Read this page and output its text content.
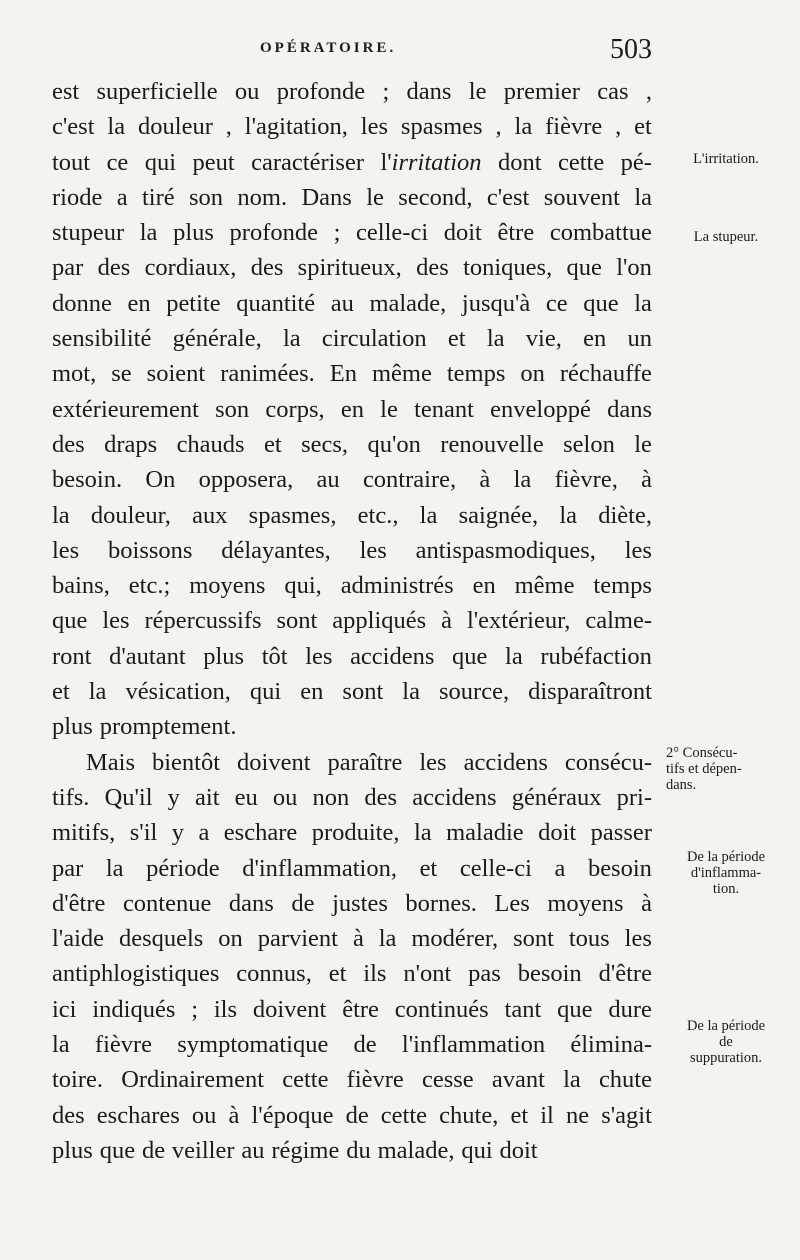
OPÉRATOIRE.	503
est superficielle ou profonde ; dans le premier cas ,
c'est la douleur , l'agitation, les spasmes , la fièvre , et
tout ce qui peut caractériser l'irritation dont cette pé-
riode a tiré son nom. Dans le second, c'est souvent la
stupeur la plus profonde ; celle-ci doit être combattue
par des cordiaux, des spiritueux, des toniques, que l'on
donne en petite quantité au malade, jusqu'à ce que la
sensibilité générale, la circulation et la vie, en un
mot, se soient ranimées. En même temps on réchauffe
extérieurement son corps, en le tenant enveloppé dans
des draps chauds et secs, qu'on renouvelle selon le
besoin. On opposera, au contraire, à la fièvre, à
la douleur, aux spasmes, etc., la saignée, la diète,
les boissons délayantes, les antispasmodiques, les
bains, etc.; moyens qui, administrés en même temps
que les répercussifs sont appliqués à l'extérieur, calme-
ront d'autant plus tôt les accidens que la rubéfaction
et la vésication, qui en sont la source, disparaîtront
plus promptement.
Mais bientôt doivent paraître les accidens consécu-
tifs. Qu'il y ait eu ou non des accidens généraux pri-
mitifs, s'il y a eschare produite, la maladie doit passer
par la période d'inflammation, et celle-ci a besoin
d'être contenue dans de justes bornes. Les moyens à
l'aide desquels on parvient à la modérer, sont tous les
antiphlogistiques connus, et ils n'ont pas besoin d'être
ici indiqués ; ils doivent être continués tant que dure
la fièvre symptomatique de l'inflammation élimina-
toire. Ordinairement cette fièvre cesse avant la chute
des eschares ou à l'époque de cette chute, et il ne s'agit
plus que de veiller au régime du malade, qui doit
L'irritation.
La stupeur.
2° Consécu-
tifs et dépen-
dans.
De la période
d'inflamma-
tion.
De la période
de
suppuration.
